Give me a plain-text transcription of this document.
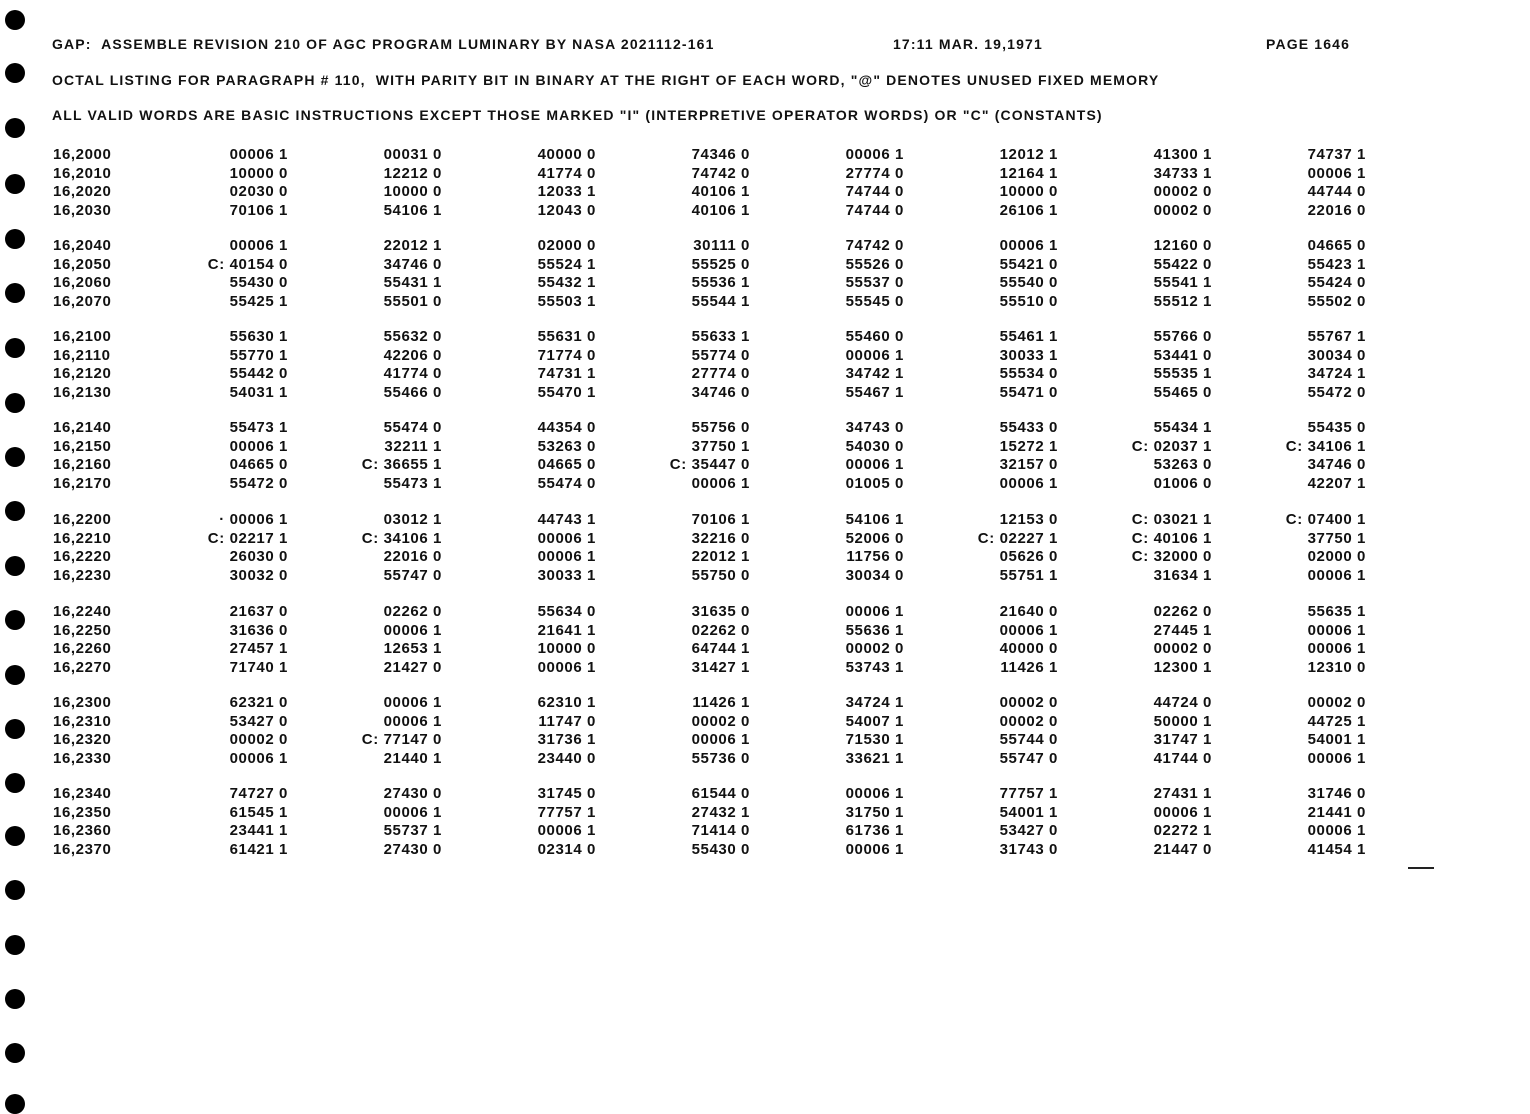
GAP:  ASSEMBLE REVISION 210 OF AGC PROGRAM LUMINARY BY NASA 2021112-161	17:11 MAR. 19,1971	PAGE 1646
OCTAL LISTING FOR PARAGRAPH # 110,  WITH PARITY BIT IN BINARY AT THE RIGHT OF EACH WORD, "@" DENOTES UNUSED FIXED MEMORY
ALL VALID WORDS ARE BASIC INSTRUCTIONS EXCEPT THOSE MARKED "I" (INTERPRETIVE OPERATOR WORDS) OR "C" (CONSTANTS)
16,2000	00006 1	00031 0	40000 0	74346 0	00006 1	12012 1	41300 1	74737 1
16,2010	10000 0	12212 0	41774 0	74742 0	27774 0	12164 1	34733 1	00006 1
16,2020	02030 0	10000 0	12033 1	40106 1	74744 0	10000 0	00002 0	44744 0
16,2030	70106 1	54106 1	12043 0	40106 1	74744 0	26106 1	00002 0	22016 0
16,2040	00006 1	22012 1	02000 0	30111 0	74742 0	00006 1	12160 0	04665 0
16,2050	C: 40154 0	34746 0	55524 1	55525 0	55526 0	55421 0	55422 0	55423 1
16,2060	55430 0	55431 1	55432 1	55536 1	55537 0	55540 0	55541 1	55424 0
16,2070	55425 1	55501 0	55503 1	55544 1	55545 0	55510 0	55512 1	55502 0
16,2100	55630 1	55632 0	55631 0	55633 1	55460 0	55461 1	55766 0	55767 1
16,2110	55770 1	42206 0	71774 0	55774 0	00006 1	30033 1	53441 0	30034 0
16,2120	55442 0	41774 0	74731 1	27774 0	34742 1	55534 0	55535 1	34724 1
16,2130	54031 1	55466 0	55470 1	34746 0	55467 1	55471 0	55465 0	55472 0
16,2140	55473 1	55474 0	44354 0	55756 0	34743 0	55433 0	55434 1	55435 0
16,2150	00006 1	32211 1	53263 0	37750 1	54030 0	15272 1	C: 02037 1	C: 34106 1
16,2160	04665 0	C: 36655 1	04665 0	C: 35447 0	00006 1	32157 0	53263 0	34746 0
16,2170	55472 0	55473 1	55474 0	00006 1	01005 0	00006 1	01006 0	42207 1
16,2200	· 00006 1	03012 1	44743 1	70106 1	54106 1	12153 0	C: 03021 1	C: 07400 1
16,2210	C: 02217 1	C: 34106 1	00006 1	32216 0	52006 0	C: 02227 1	C: 40106 1	37750 1
16,2220	26030 0	22016 0	00006 1	22012 1	11756 0	05626 0	C: 32000 0	02000 0
16,2230	30032 0	55747 0	30033 1	55750 0	30034 0	55751 1	31634 1	00006 1
16,2240	21637 0	02262 0	55634 0	31635 0	00006 1	21640 0	02262 0	55635 1
16,2250	31636 0	00006 1	21641 1	02262 0	55636 1	00006 1	27445 1	00006 1
16,2260	27457 1	12653 1	10000 0	64744 1	00002 0	40000 0	00002 0	00006 1
16,2270	71740 1	21427 0	00006 1	31427 1	53743 1	11426 1	12300 1	12310 0
16,2300	62321 0	00006 1	62310 1	11426 1	34724 1	00002 0	44724 0	00002 0
16,2310	53427 0	00006 1	11747 0	00002 0	54007 1	00002 0	50000 1	44725 1
16,2320	00002 0	C: 77147 0	31736 1	00006 1	71530 1	55744 0	31747 1	54001 1
16,2330	00006 1	21440 1	23440 0	55736 0	33621 1	55747 0	41744 0	00006 1
16,2340	74727 0	27430 0	31745 0	61544 0	00006 1	77757 1	27431 1	31746 0
16,2350	61545 1	00006 1	77757 1	27432 1	31750 1	54001 1	00006 1	21441 0
16,2360	23441 1	55737 1	00006 1	71414 0	61736 1	53427 0	02272 1	00006 1
16,2370	61421 1	27430 0	02314 0	55430 0	00006 1	31743 0	21447 0	41454 1
